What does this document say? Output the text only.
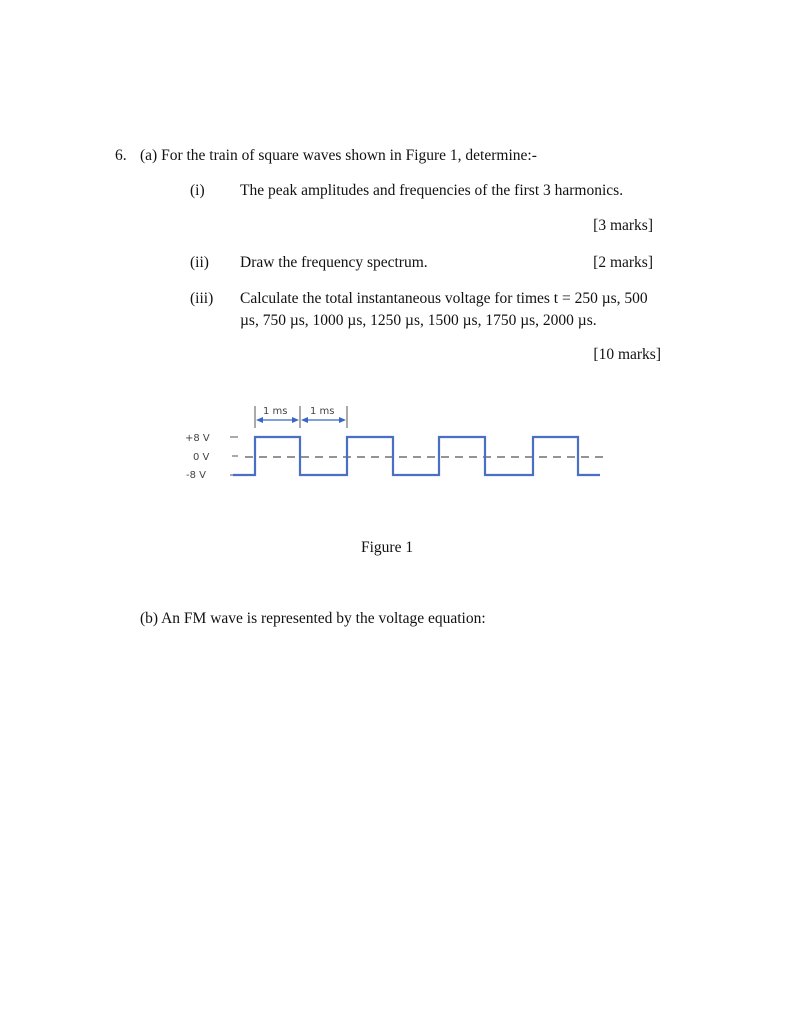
6. (a) For the train of square waves shown in Figure 1, determine:-
(i) The peak amplitudes and frequencies of the first 3 harmonics.
[3 marks]
(ii) Draw the frequency spectrum.	[2 marks]
(iii) Calculate the total instantaneous voltage for times t = 250 µs, 500
µs, 750 µs, 1000 µs, 1250 µs, 1500 µs, 1750 µs, 2000 µs.
[10 marks]
+8 V
0 V
-8 V
1 ms 1 ms
Figure 1
(b) An FM wave is represented by the voltage equation:
